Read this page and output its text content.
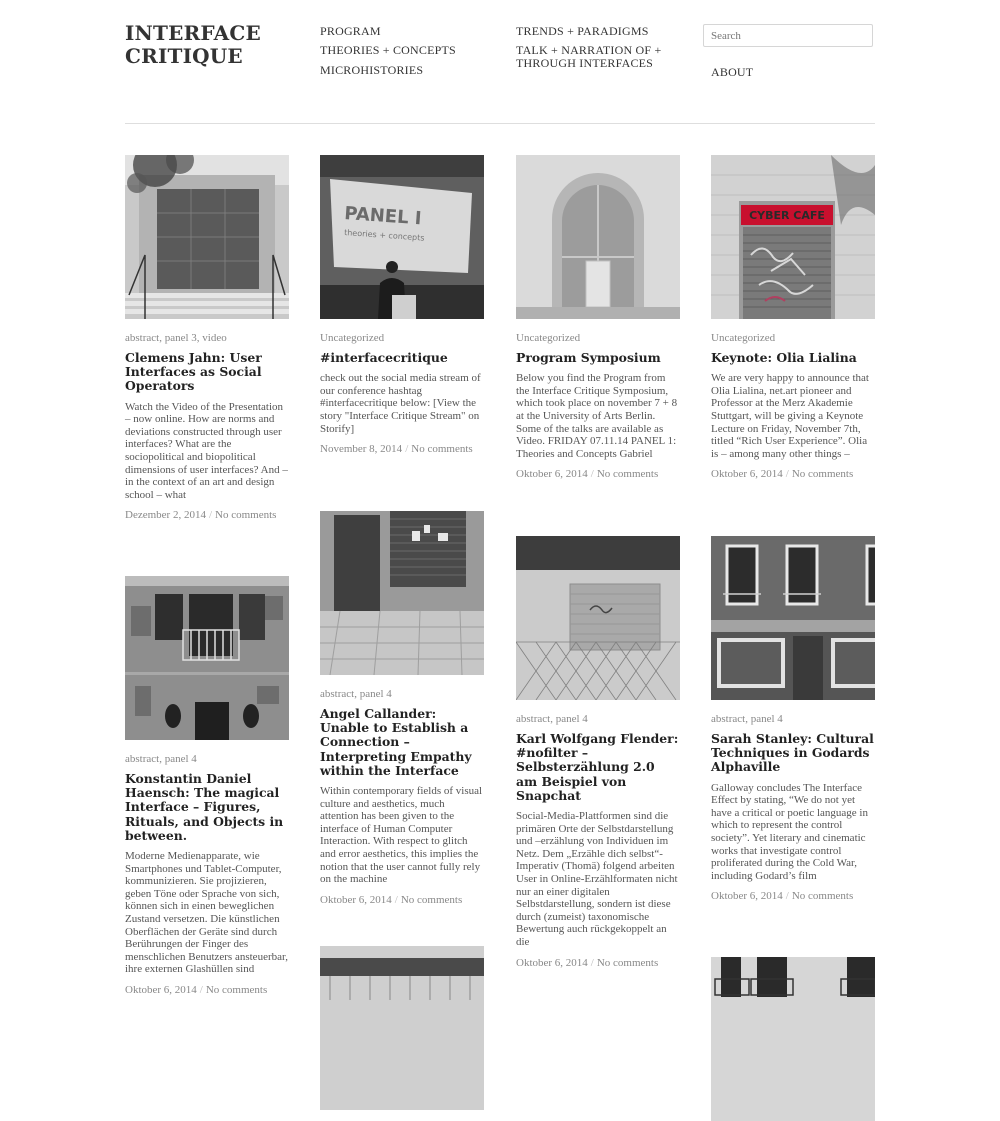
INTERFACE CRITIQUE
PROGRAM
THEORIES + CONCEPTS
MICROHISTORIES
TRENDS + PARADIGMS
TALK + NARRATION OF + THROUGH INTERFACES
ABOUT
Search
abstract, panel 3, video
Clemens Jahn: User Interfaces as Social Operators
Watch the Video of the Presentation – now online. How are norms and deviations constructed through user interfaces? What are the sociopolitical and biopolitical dimensions of user interfaces? And – in the context of an art and design school – what
Dezember 2, 2014 / No comments
abstract, panel 4
Konstantin Daniel Haensch: The magical Interface – Figures, Rituals, and Objects in between.
Moderne Medienapparate, wie Smartphones und Tablet-Computer, kommunizieren. Sie projizieren, geben Töne oder Sprache von sich, können sich in einen beweglichen Zustand versetzen. Die künstlichen Oberflächen der Geräte sind durch Berührungen der Finger des menschlichen Benutzers ansteuerbar, ihre externen Glashüllen sind
Oktober 6, 2014 / No comments
PANEL I
theories + concepts
Uncategorized
#interfacecritique
check out the social media stream of our conference hashtag #interfacecritique below: [View the story "Interface Critique Stream" on Storify]
November 8, 2014 / No comments
abstract, panel 4
Angel Callander: Unable to Establish a Connection – Interpreting Empathy within the Interface
Within contemporary fields of visual culture and aesthetics, much attention has been given to the interface of Human Computer Interaction. With respect to glitch and error aesthetics, this implies the notion that the user cannot fully rely on the machine
Oktober 6, 2014 / No comments
Uncategorized
Program Symposium
Below you find the Program from the Interface Critique Symposium, which took place on november 7 + 8 at the University of Arts Berlin. Some of the talks are available as Video. FRIDAY 07.11.14 PANEL 1: Theories and Concepts Gabriel
Oktober 6, 2014 / No comments
abstract, panel 4
Karl Wolfgang Flender: #nofilter – Selbsterzählung 2.0 am Beispiel von Snapchat
Social-Media-Plattformen sind die primären Orte der Selbstdarstellung und –erzählung von Individuen im Netz. Dem „Erzähle dich selbst“-Imperativ (Thomä) folgend arbeiten User in Online-Erzählformaten nicht nur an einer digitalen Selbstdarstellung, sondern ist diese durch (zumeist) taxonomische Bewertung auch rückgekoppelt an die
Oktober 6, 2014 / No comments
CYBER CAFE
Uncategorized
Keynote: Olia Lialina
We are very happy to announce that Olia Lialina, net.art pioneer and Professor at the Merz Akademie Stuttgart, will be giving a Keynote Lecture on Friday, November 7th, titled “Rich User Experience”. Olia is – among many other things –
Oktober 6, 2014 / No comments
abstract, panel 4
Sarah Stanley: Cultural Techniques in Godards Alphaville
Galloway concludes The Interface Effect by stating, “We do not yet have a critical or poetic language in which to represent the control society”. Yet literary and cinematic works that investigate control proliferated during the Cold War, including Godard’s film
Oktober 6, 2014 / No comments
